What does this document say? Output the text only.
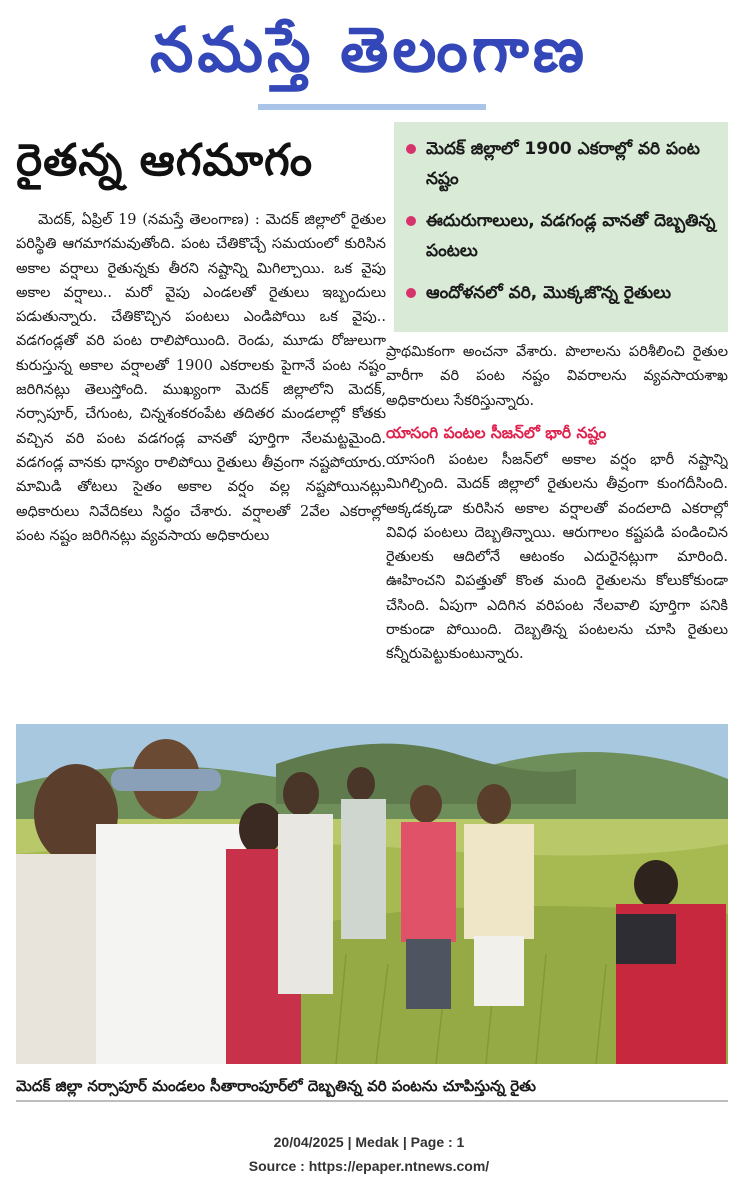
నమస్తే తెలంగాణ
రైతన్న ఆగమాగం	మెదక్ జిల్లాలో 1900 ఎకరాల్లో వరి పంట నష్టం
ఈదురుగాలులు, వడగండ్ల వానతో దెబ్బతిన్న పంటలు
ఆందోళనలో వరి, మొక్కజొన్న రైతులు
మెదక్, ఏప్రిల్ 19 (నమస్తే తెలంగాణ) : మెదక్ జిల్లాలో రైతుల పరిస్థితి ఆగమాగమవుతోంది. పంట చేతికొచ్చే సమయంలో కురిసిన అకాల వర్షాలు రైతున్నకు తీరని నష్టాన్ని మిగిల్చాయి. ఒక వైపు అకాల వర్షాలు.. మరో వైపు ఎండలతో రైతులు ఇబ్బందులు పడుతున్నారు. చేతికొచ్చిన పంటలు ఎండిపోయి ఒక వైపు.. వడగండ్లతో వరి పంట రాలిపోయింది. రెండు, మూడు రోజులుగా కురుస్తున్న అకాల వర్షాలతో 1900 ఎకరాలకు పైగానే పంట నష్టం జరిగినట్లు తెలుస్తోంది. ముఖ్యంగా మెదక్ జిల్లాలోని మెదక్, నర్సాపూర్, చేగుంట, చిన్నశంకరంపేట తదితర మండలాల్లో కోతకు వచ్చిన వరి పంట వడగండ్ల వానతో పూర్తిగా నేలమట్టమైంది. వడగండ్ల వానకు ధాన్యం రాలిపోయి రైతులు తీవ్రంగా నష్టపోయారు. మామిడి తోటలు సైతం అకాల వర్షం వల్ల నష్టపోయినట్లు అధికారులు నివేదికలు సిద్ధం చేశారు. వర్షాలతో 2వేల ఎకరాల్లో పంట నష్టం జరిగినట్లు వ్యవసాయ అధికారులు
ప్రాథమికంగా అంచనా వేశారు. పొలాలను పరిశీలించి రైతుల వారీగా వరి పంట నష్టం వివరాలను వ్యవసాయశాఖ అధికారులు సేకరిస్తున్నారు.
యాసంగి పంటల సీజన్‌లో భారీ నష్టం
యాసంగి పంటల సీజన్‌లో అకాల వర్షం భారీ నష్టాన్ని మిగిల్చింది. మెదక్ జిల్లాలో రైతులను తీవ్రంగా కుంగదీసింది. అక్కడక్కడా కురిసిన అకాల వర్షాలతో వందలాది ఎకరాల్లో వివిధ పంటలు దెబ్బతిన్నాయి. ఆరుగాలం కష్టపడి పండించిన రైతులకు ఆదిలోనే ఆటంకం ఎదురైనట్లుగా మారింది. ఊహించని విపత్తుతో కొంత మంది రైతులను కోలుకోకుండా చేసింది. ఏపుగా ఎదిగిన వరిపంట నేలవాలి పూర్తిగా పనికి రాకుండా పోయింది. దెబ్బతిన్న పంటలను చూసి రైతులు కన్నీరుపెట్టుకుంటున్నారు.
మెదక్ జిల్లా నర్సాపూర్ మండలం సీతారాంపూర్‌లో దెబ్బతిన్న వరి పంటను చూపిస్తున్న రైతు
20/04/2025 | Medak | Page : 1
Source : https://epaper.ntnews.com/
